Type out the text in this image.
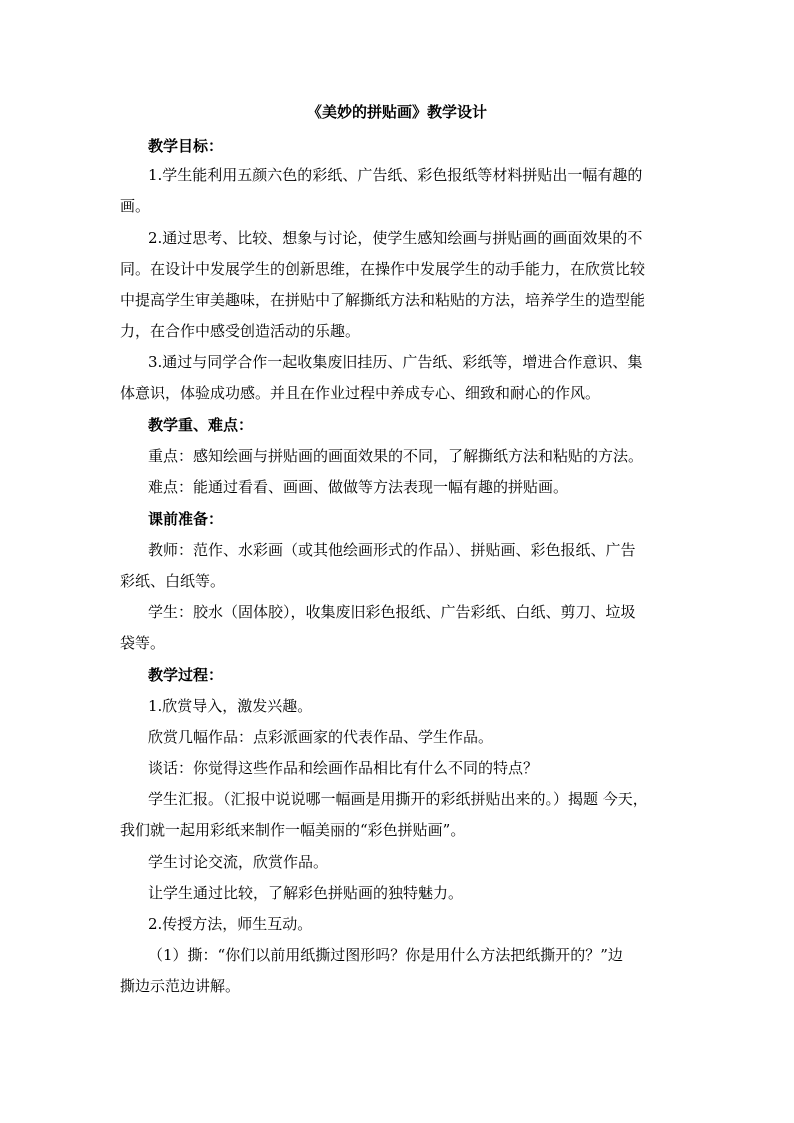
《美妙的拼贴画》教学设计
教学目标：
1.学生能利用五颜六色的彩纸、广告纸、彩色报纸等材料拼贴出一幅有趣的
画。
2.通过思考、比较、想象与讨论，使学生感知绘画与拼贴画的画面效果的不
同。在设计中发展学生的创新思维，在操作中发展学生的动手能力，在欣赏比较
中提高学生审美趣味，在拼贴中了解撕纸方法和粘贴的方法，培养学生的造型能
力，在合作中感受创造活动的乐趣。
3.通过与同学合作一起收集废旧挂历、广告纸、彩纸等，增进合作意识、集
体意识，体验成功感。并且在作业过程中养成专心、细致和耐心的作风。
教学重、难点：
重点：感知绘画与拼贴画的画面效果的不同，了解撕纸方法和粘贴的方法。
难点：能通过看看、画画、做做等方法表现一幅有趣的拼贴画。
课前准备：
教师：范作、水彩画（或其他绘画形式的作品）、拼贴画、彩色报纸、广告
彩纸、白纸等。
学生：胶水（固体胶），收集废旧彩色报纸、广告彩纸、白纸、剪刀、垃圾
袋等。
教学过程：
1.欣赏导入，激发兴趣。
欣赏几幅作品：点彩派画家的代表作品、学生作品。
谈话：你觉得这些作品和绘画作品相比有什么不同的特点？
学生汇报。（汇报中说说哪一幅画是用撕开的彩纸拼贴出来的。）揭题 今天，
我们就一起用彩纸来制作一幅美丽的“彩色拼贴画”。
学生讨论交流，欣赏作品。
让学生通过比较，了解彩色拼贴画的独特魅力。
2.传授方法，师生互动。
（1）撕：“你们以前用纸撕过图形吗？你是用什么方法把纸撕开的？”边
撕边示范边讲解。
